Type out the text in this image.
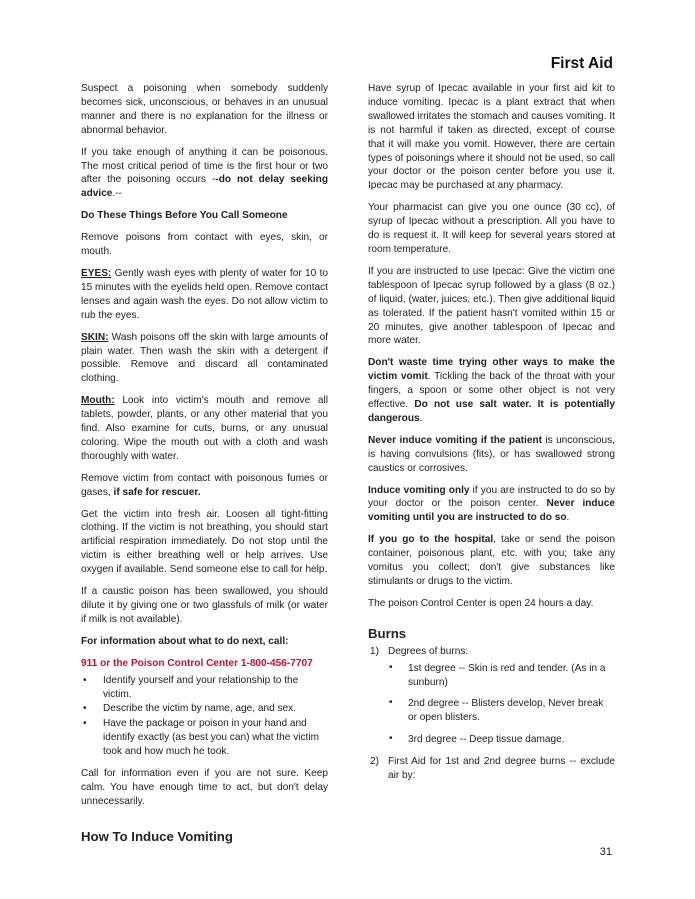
First Aid

Suspect a poisoning when somebody suddenly becomes sick, unconscious, or behaves in an unusual manner and there is no explanation for the illness or abnormal behavior.

If you take enough of anything it can be poisonous. The most critical period of time is the first hour or two after the poisoning occurs --do not delay seeking advice.--

Do These Things Before You Call Someone

Remove poisons from contact with eyes, skin, or mouth.

EYES: Gently wash eyes with plenty of water for 10 to 15 minutes with the eyelids held open. Remove contact lenses and again wash the eyes. Do not allow victim to rub the eyes.

SKIN: Wash poisons off the skin with large amounts of plain water. Then wash the skin with a detergent if possible. Remove and discard all contaminated clothing.

Mouth: Look into victim's mouth and remove all tablets, powder, plants, or any other material that you find. Also examine for cuts, burns, or any unusual coloring. Wipe the mouth out with a cloth and wash thoroughly with water.

Remove victim from contact with poisonous fumes or gases, if safe for rescuer.

Get the victim into fresh air. Loosen all tight-fitting clothing. If the victim is not breathing, you should start artificial respiration immediately. Do not stop until the victim is either breathing well or help arrives. Use oxygen if available. Send someone else to call for help.

If a caustic poison has been swallowed, you should dilute it by giving one or two glassfuls of milk (or water if milk is not available).

For information about what to do next, call:

911 or the Poison Control Center 1-800-456-7707
• Identify yourself and your relationship to the victim.
• Describe the victim by name, age, and sex.
• Have the package or poison in your hand and identify exactly (as best you can) what the victim took and how much he took.

Call for information even if you are not sure. Keep calm. You have enough time to act, but don't delay unnecessarily.

How To Induce Vomiting

Have syrup of Ipecac available in your first aid kit to induce vomiting. Ipecac is a plant extract that when swallowed irritates the stomach and causes vomiting. It is not harmful if taken as directed, except of course that it will make you vomit. However, there are certain types of poisonings where it should not be used, so call your doctor or the poison center before you use it. Ipecac may be purchased at any pharmacy.

Your pharmacist can give you one ounce (30 cc), of syrup of Ipecac without a prescription. All you have to do is request it. It will keep for several years stored at room temperature.

If you are instructed to use Ipecac: Give the victim one tablespoon of Ipecac syrup followed by a glass (8 oz.) of liquid, (water, juices, etc.). Then give additional liquid as tolerated. If the patient hasn't vomited within 15 or 20 minutes, give another tablespoon of Ipecac and more water.

Don't waste time trying other ways to make the victim vomit. Tickling the back of the throat with your fingers, a spoon or some other object is not very effective. Do not use salt water. It is potentially dangerous.

Never induce vomiting if the patient is unconscious, is having convulsions (fits), or has swallowed strong caustics or corrosives.

Induce vomiting only if you are instructed to do so by your doctor or the poison center. Never induce vomiting until you are instructed to do so.

If you go to the hospital, take or send the poison container, poisonous plant, etc. with you; take any vomitus you collect; don't give substances like stimulants or drugs to the victim.

The poison Control Center is open 24 hours a day.

Burns
1) Degrees of burns:
• 1st degree -- Skin is red and tender. (As in a sunburn)
• 2nd degree -- Blisters develop, Never break or open blisters.
• 3rd degree -- Deep tissue damage.
2) First Aid for 1st and 2nd degree burns -- exclude air by:
31
